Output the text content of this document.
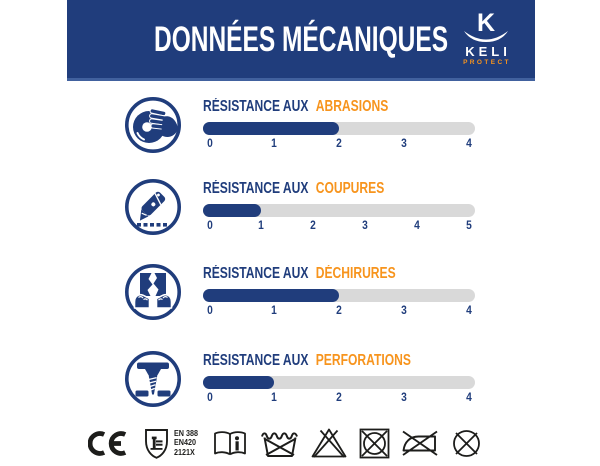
DONNÉES MÉCANIQUES	K
KELI
PROTECT
RÉSISTANCE AUX ABRASIONS
0	1	2	3	4
RÉSISTANCE AUX COUPURES
0	1	2	3	4	5
RÉSISTANCE AUX DÉCHIRURES
0	1	2	3	4
RÉSISTANCE AUX PERFORATIONS
0	1	2	3	4
EN 388
EN420
2121X
